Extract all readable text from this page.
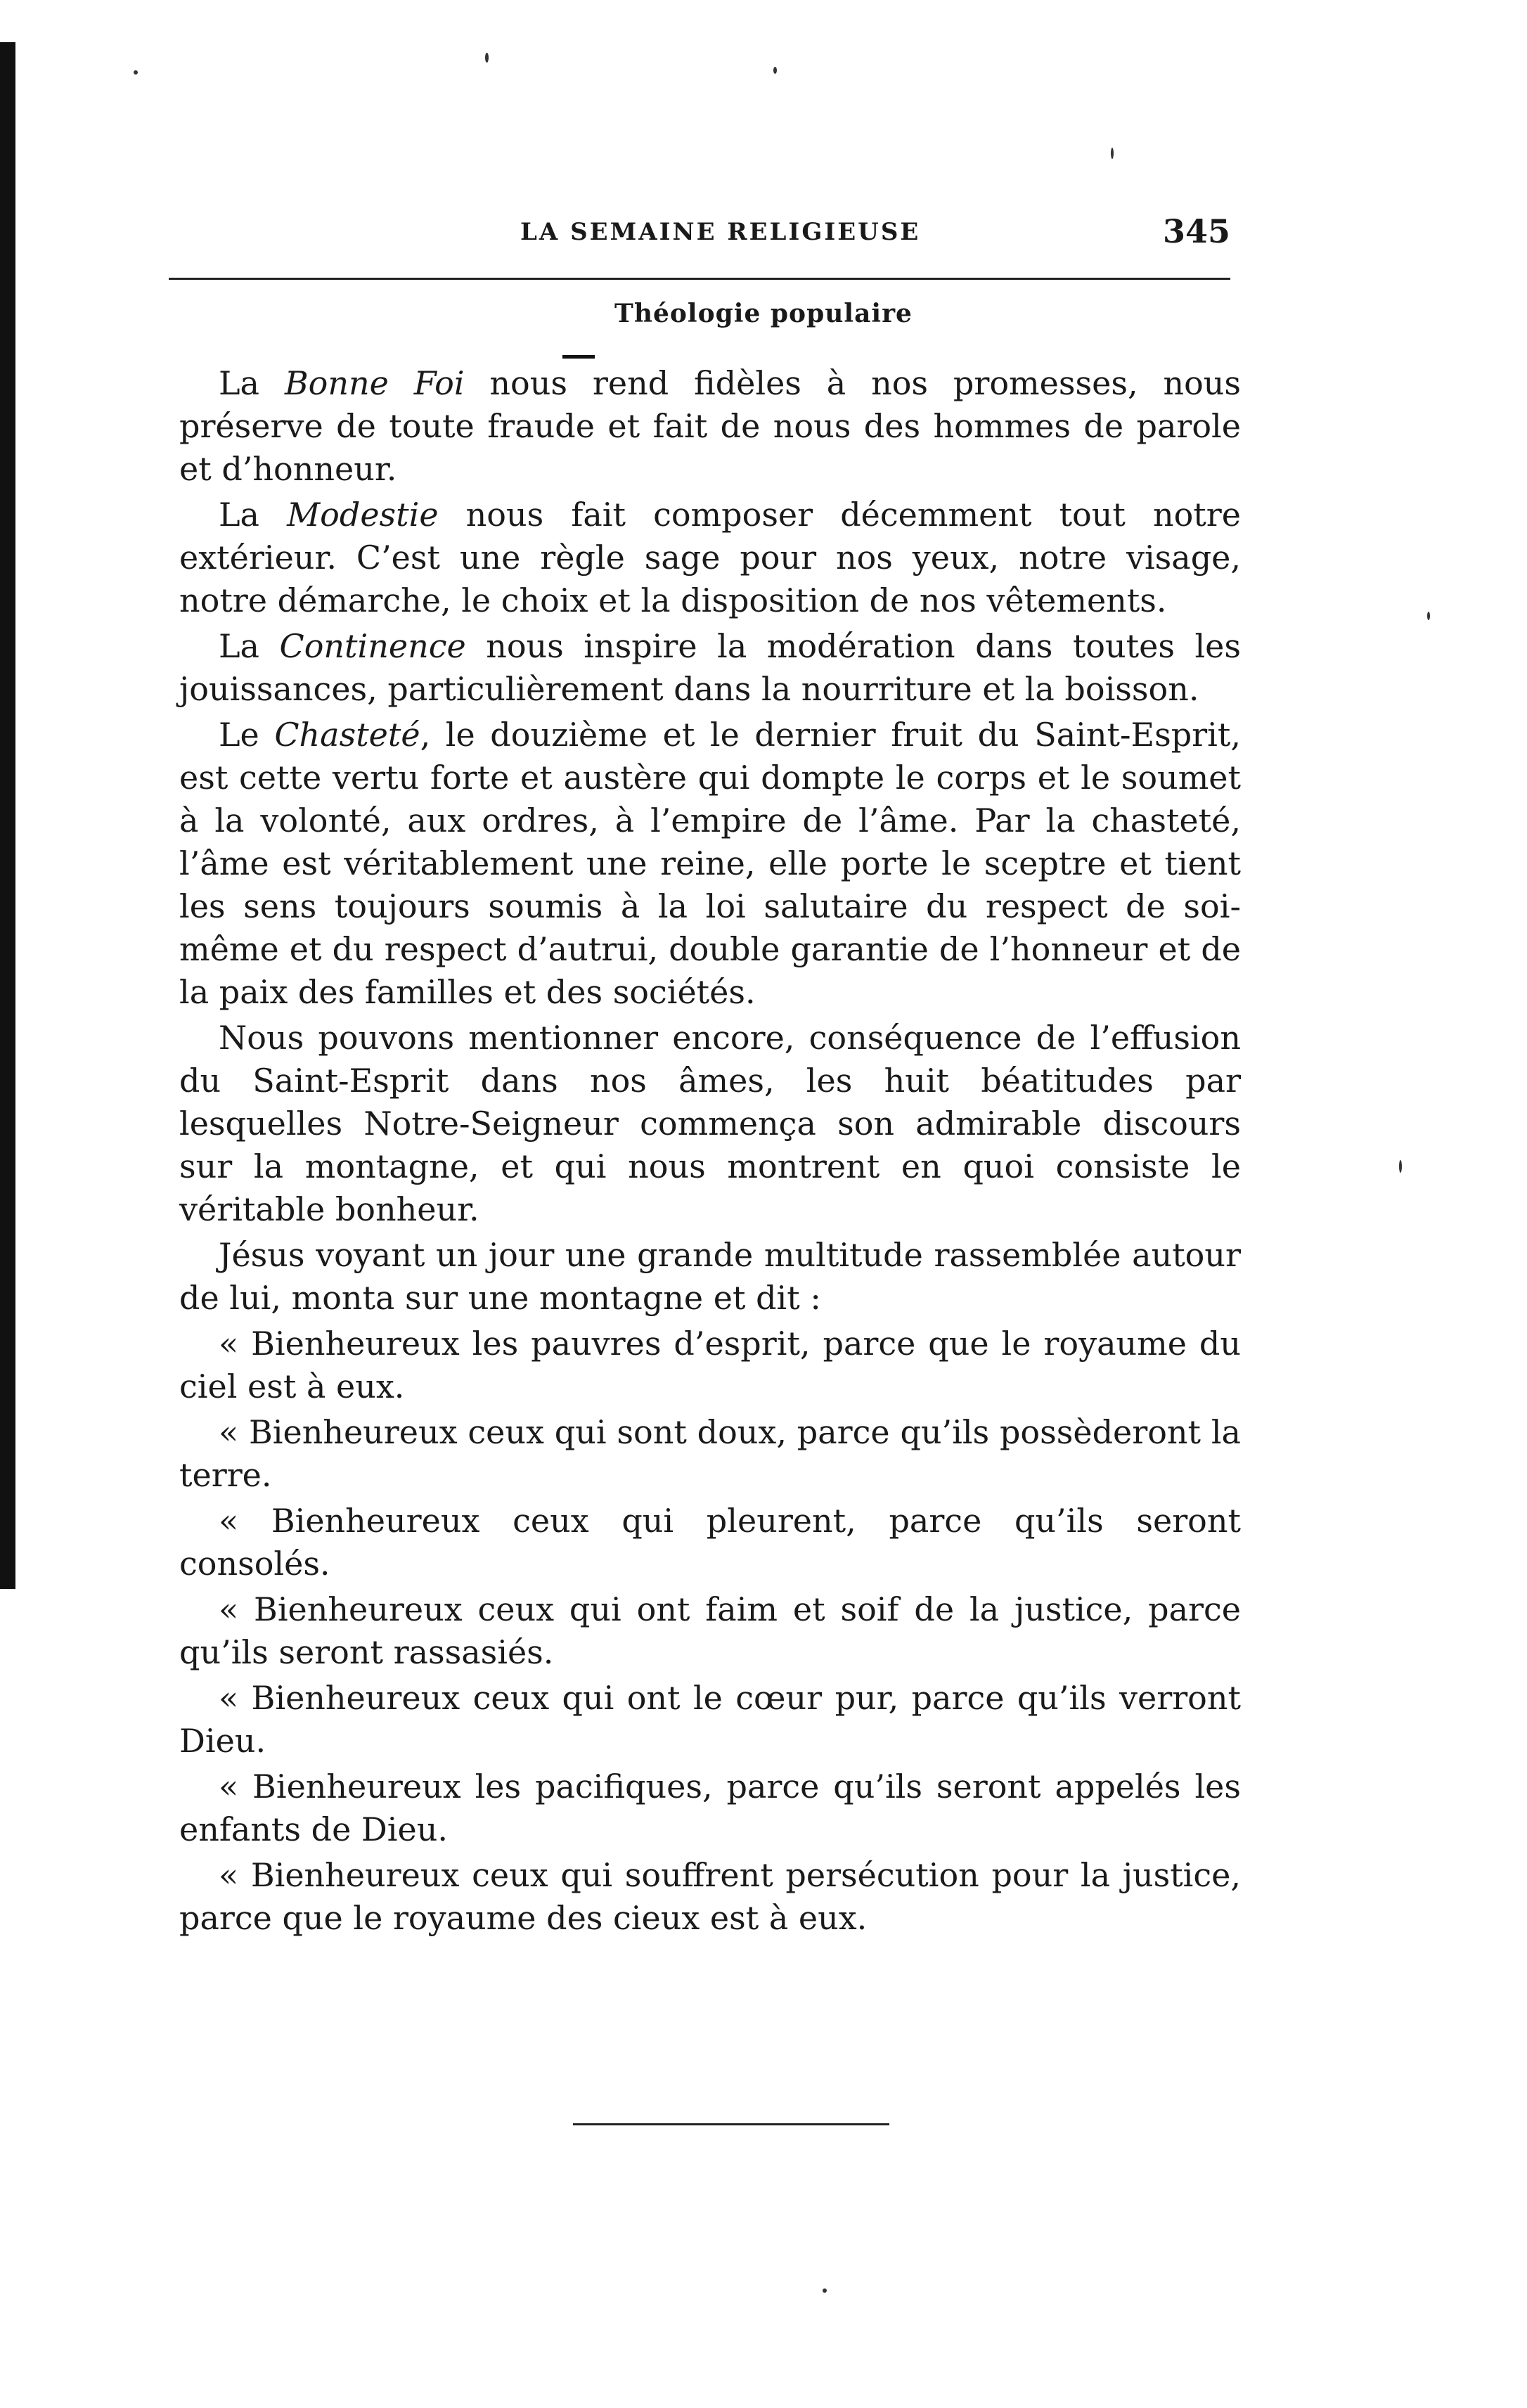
LA SEMAINE RELIGIEUSE	345
Théologie populaire

La Bonne Foi nous rend fidèles à nos promesses, nous préserve de toute fraude et fait de nous des hommes de parole et d’honneur.

La Modestie nous fait composer décemment tout notre extérieur. C’est une règle sage pour nos yeux, notre visage, notre démarche, le choix et la disposition de nos vêtements.

La Continence nous inspire la modération dans toutes les jouissances, particulièrement dans la nourriture et la boisson.

Le Chasteté, le douzième et le dernier fruit du Saint-Esprit, est cette vertu forte et austère qui dompte le corps et le soumet à la volonté, aux ordres, à l’empire de l’âme. Par la chasteté, l’âme est véritablement une reine, elle porte le sceptre et tient les sens toujours soumis à la loi salutaire du respect de soi-même et du respect d’autrui, double garantie de l’honneur et de la paix des familles et des sociétés.

Nous pouvons mentionner encore, conséquence de l’effusion du Saint-Esprit dans nos âmes, les huit béatitudes par lesquelles Notre-Seigneur commença son admirable discours sur la montagne, et qui nous montrent en quoi consiste le véritable bonheur.

Jésus voyant un jour une grande multitude rassemblée autour de lui, monta sur une montagne et dit :

« Bienheureux les pauvres d’esprit, parce que le royaume du ciel est à eux.

« Bienheureux ceux qui sont doux, parce qu’ils possèderont la terre.

« Bienheureux ceux qui pleurent, parce qu’ils seront consolés.

« Bienheureux ceux qui ont faim et soif de la justice, parce qu’ils seront rassasiés.

« Bienheureux ceux qui ont le cœur pur, parce qu’ils verront Dieu.

« Bienheureux les pacifiques, parce qu’ils seront appelés les enfants de Dieu.

« Bienheureux ceux qui souffrent persécution pour la justice, parce que le royaume des cieux est à eux.
